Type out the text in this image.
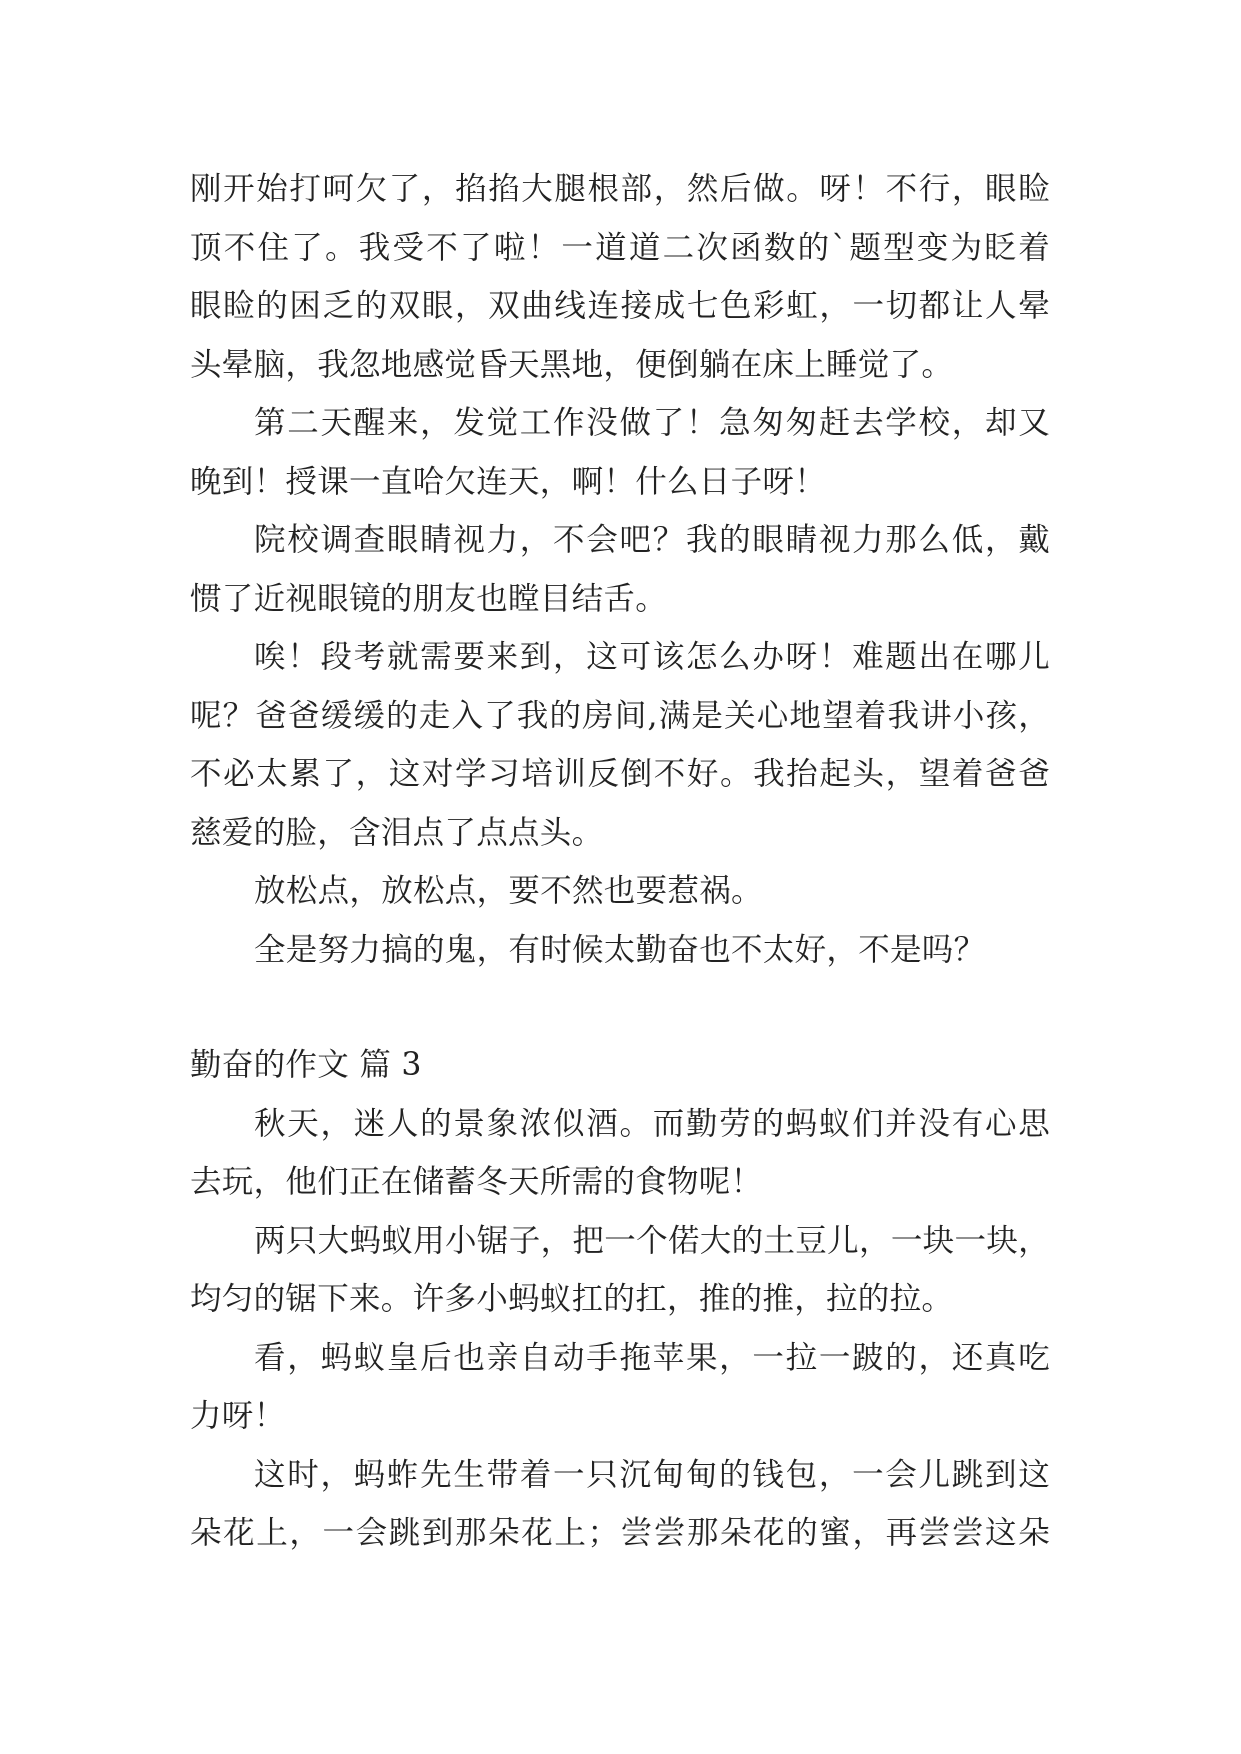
刚开始打呵欠了，掐掐大腿根部，然后做。呀！不行，眼睑
顶不住了。我受不了啦！一道道二次函数的`题型变为眨着
眼睑的困乏的双眼，双曲线连接成七色彩虹，一切都让人晕
头晕脑，我忽地感觉昏天黑地，便倒躺在床上睡觉了。
第二天醒来，发觉工作没做了！急匆匆赶去学校，却又
晚到！授课一直哈欠连天，啊！什么日子呀！
院校调查眼睛视力，不会吧？我的眼睛视力那么低，戴
惯了近视眼镜的朋友也瞠目结舌。
唉！段考就需要来到，这可该怎么办呀！难题出在哪儿
呢？爸爸缓缓的走入了我的房间,满是关心地望着我讲小孩，
不必太累了，这对学习培训反倒不好。我抬起头，望着爸爸
慈爱的脸，含泪点了点点头。
放松点，放松点，要不然也要惹祸。
全是努力搞的鬼，有时候太勤奋也不太好，不是吗？
勤奋的作文 篇 3
秋天，迷人的景象浓似酒。而勤劳的蚂蚁们并没有心思
去玩，他们正在储蓄冬天所需的食物呢！
两只大蚂蚁用小锯子，把一个偌大的土豆儿，一块一块，
均匀的锯下来。许多小蚂蚁扛的扛，推的推，拉的拉。
看，蚂蚁皇后也亲自动手拖苹果，一拉一跛的，还真吃
力呀！
这时，蚂蚱先生带着一只沉甸甸的钱包，一会儿跳到这
朵花上，一会跳到那朵花上；尝尝那朵花的蜜，再尝尝这朵
